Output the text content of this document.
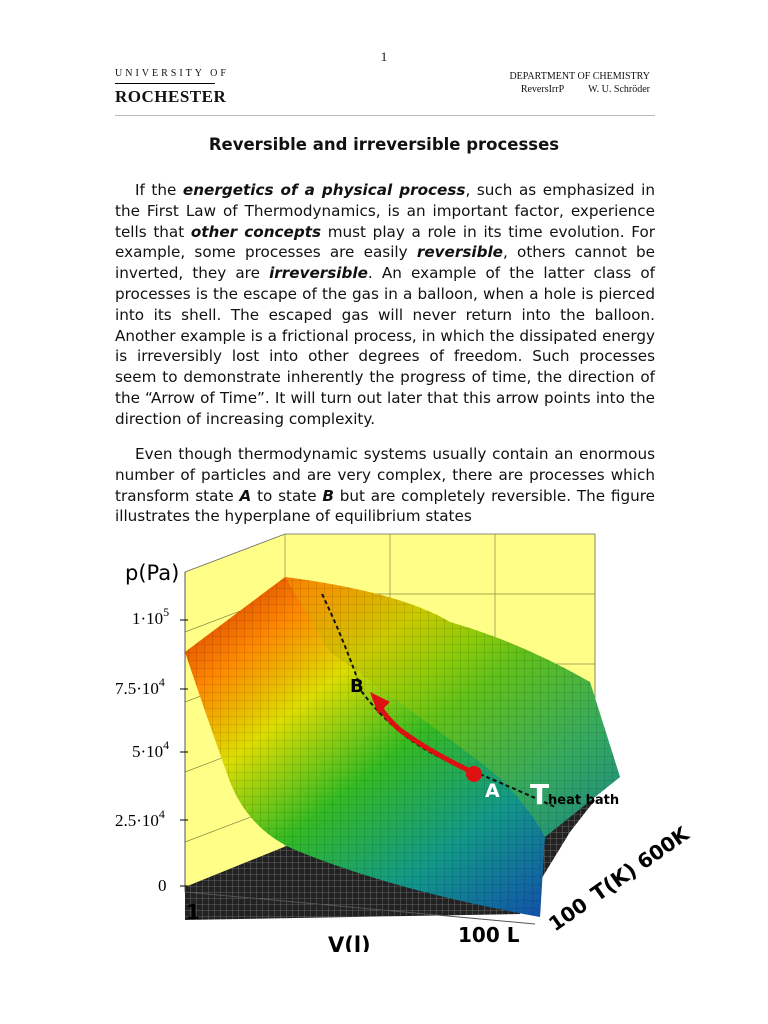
1
UNIVERSITY OF
ROCHESTER
DEPARTMENT OF CHEMISTRY
ReversIrrP W. U. Schröder
Reversible and irreversible processes
If the energetics of a physical process, such as emphasized in the First Law of Thermodynamics, is an important factor, experience tells that other concepts must play a role in its time evolution. For example, some processes are easily reversible, others cannot be inverted, they are irreversible. An example of the latter class of processes is the escape of the gas in a balloon, when a hole is pierced into its shell. The escaped gas will never return into the balloon. Another example is a frictional process, in which the dissipated energy is irreversibly lost into other degrees of freedom. Such processes seem to demonstrate inherently the progress of time, the direction of the “Arrow of Time”. It will turn out later that this arrow points into the direction of increasing complexity.
Even though thermodynamic systems usually contain an enormous number of particles and are very complex, there are processes which transform state A to state B but are completely reversible. The figure illustrates the hyperplane of equilibrium states
B
A T
heat bath
p(Pa)
$1\cdot 10^5$
$7.5\cdot 10^4$
$5\cdot 10^4$
$2.5\cdot 10^4$
0
1
V(l)	100 L 100
T(K)
600K
